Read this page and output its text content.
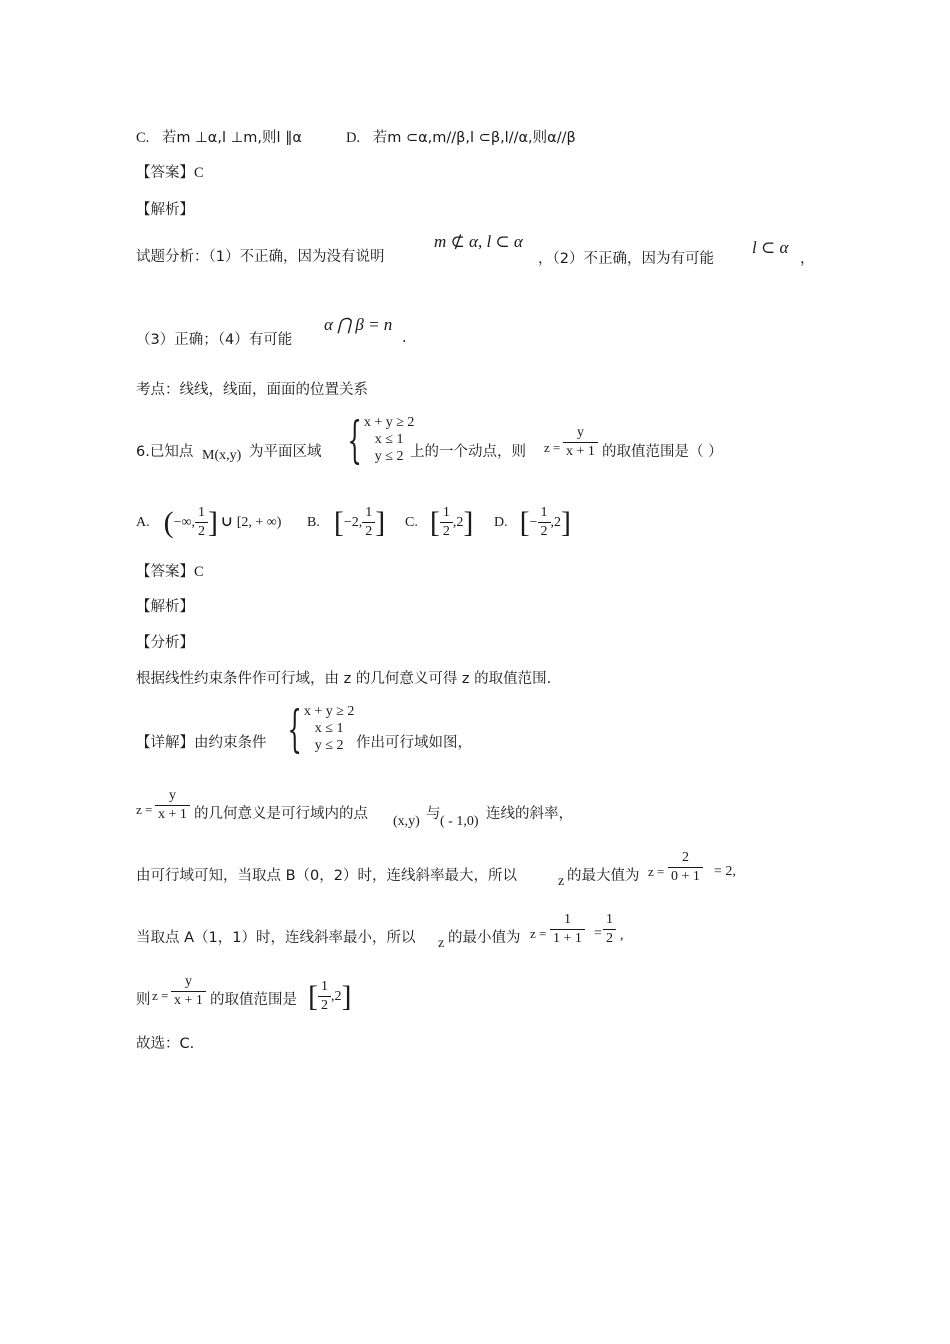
C. 若m ⊥α,l ⊥m,则l ∥α	D. 若m ⊂α,m//β,l ⊂β,l//α,则α//β
【答案】C
【解析】
试题分析：（1）不正确，因为没有说明
m ⊄ α, l ⊂ α
，（2）不正确，因为有可能
l ⊂ α
，
（3）正确；（4）有可能
α ⋂ β = n
.
考点：线线，线面，面面的位置关系
6.已知点 M(x,y) 为平面区域 { x + y ≥ 2
x ≤ 1
y ≤ 2 上的一个动点，则 $z = \frac{y}{x + 1}$ 的取值范围是（ ）
A. ( −∞, $\frac{1}{2}$ ] ∪ [2, + ∞) B. [ −2, $\frac{1}{2}$ ] C. [ $\frac{1}{2} ,2$ ] D. [ − $\frac{1}{2} ,2$ ]
【答案】C
【解析】
【分析】
根据线性约束条件作可行域，由 z 的几何意义可得 z 的取值范围.
【详解】由约束条件 { x + y ≥ 2
x ≤ 1
y ≤ 2 作出可行域如图，
$z = \frac{y}{x + 1}$ 的几何意义是可行域内的点 (x,y) 与 ( - 1,0) 连线的斜率，
由可行域可知，当取点 B（0，2）时，连线斜率最大，所以	z 的最大值为 $z = \frac{2}{0 + 1} = 2$,
当取点 A（1，1）时，连线斜率最小，所以 z 的最小值为 $z = \frac{1}{1 + 1} = \frac{1}{2}$ ,
则 $z = \frac{y}{x + 1}$ 的取值范围是 [ $\frac{1}{2} ,2$ ]
故选：C.
